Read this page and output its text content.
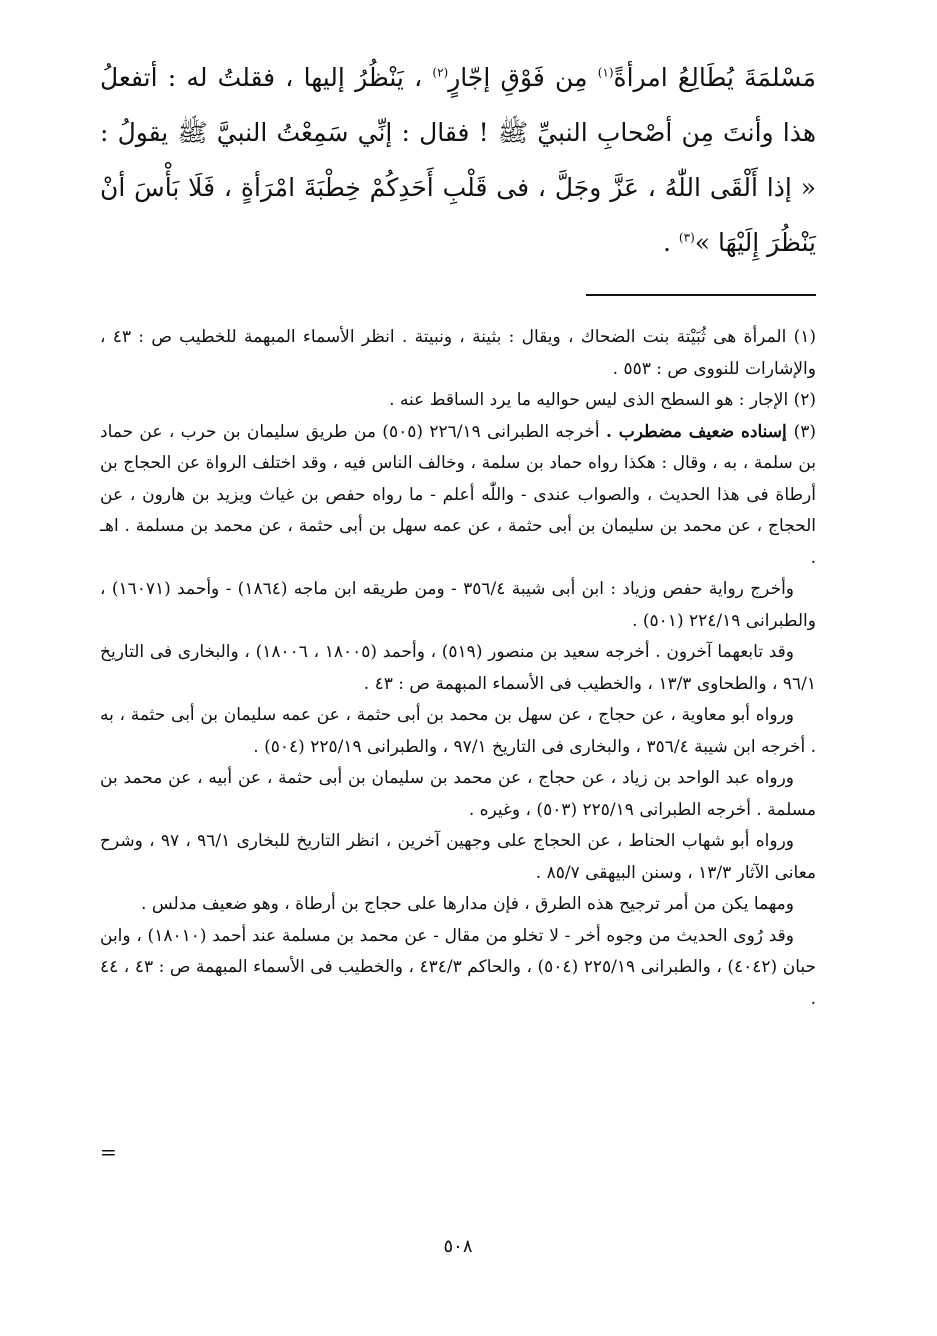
مَسْلمَةَ يُطَالِعُ امرأةً$^{(١)}$ مِن فَوْقِ إجّارٍ$^{(٢)}$ ، يَنْظُرُ إليها ، فقلتُ له : أتفعلُ هذا وأنتَ مِن أصْحابِ النبيِّ ﷺ ! فقال : إنِّي سَمِعْتُ النبيَّ ﷺ يقولُ : « إذا أَلْقَى اللّٰهُ ، عَزَّ وجَلَّ ، فى قَلْبِ أَحَدِكُمْ خِطْبَةَ امْرَأةٍ ، فَلَا بَأْسَ أنْ يَنْظُرَ إِلَيْهَا »$^{(٣)}$ .

(١) المرأة هى ثُبَيْتة بنت الضحاك ، ويقال : بثينة ، ونبيتة . انظر الأسماء المبهمة للخطيب ص : ٤٣ ، والإشارات للنووى ص : ٥٥٣ .

(٢) الإجار : هو السطح الذى ليس حواليه ما يرد الساقط عنه .

(٣) إسناده ضعيف مضطرب . أخرجه الطبرانى ٢٢٦/١٩ (٥٠٥) من طريق سليمان بن حرب ، عن حماد بن سلمة ، به ، وقال : هكذا رواه حماد بن سلمة ، وخالف الناس فيه ، وقد اختلف الرواة عن الحجاج بن أرطاة فى هذا الحديث ، والصواب عندى - واللّٰه أعلم - ما رواه حفص بن غياث ويزيد بن هارون ، عن الحجاج ، عن محمد بن سليمان بن أبى حثمة ، عن عمه سهل بن أبى حثمة ، عن محمد بن مسلمة . اهـ .

وأخرج رواية حفص وزياد : ابن أبى شيبة ٣٥٦/٤ - ومن طريقه ابن ماجه (١٨٦٤) - وأحمد (١٦٠٧١) ، والطبرانى ٢٢٤/١٩ (٥٠١) .

وقد تابعهما آخرون . أخرجه سعيد بن منصور (٥١٩) ، وأحمد (١٨٠٠٥ ، ١٨٠٠٦) ، والبخارى فى التاريخ ٩٦/١ ، والطحاوى ١٣/٣ ، والخطيب فى الأسماء المبهمة ص : ٤٣ .

ورواه أبو معاوية ، عن حجاج ، عن سهل بن محمد بن أبى حثمة ، عن عمه سليمان بن أبى حثمة ، به . أخرجه ابن شيبة ٣٥٦/٤ ، والبخارى فى التاريخ ٩٧/١ ، والطبرانى ٢٢٥/١٩ (٥٠٤) .

ورواه عبد الواحد بن زياد ، عن حجاج ، عن محمد بن سليمان بن أبى حثمة ، عن أبيه ، عن محمد بن مسلمة . أخرجه الطبرانى ٢٢٥/١٩ (٥٠٣) ، وغيره .

ورواه أبو شهاب الحناط ، عن الحجاج على وجهين آخرين ، انظر التاريخ للبخارى ٩٦/١ ، ٩٧ ، وشرح معانى الآثار ١٣/٣ ، وسنن البيهقى ٨٥/٧ .

ومهما يكن من أمر ترجيح هذه الطرق ، فإن مدارها على حجاج بن أرطاة ، وهو ضعيف مدلس .

وقد رُوى الحديث من وجوه أخر - لا تخلو من مقال - عن محمد بن مسلمة عند أحمد (١٨٠١٠) ، وابن حبان (٤٠٤٢) ، والطبرانى ٢٢٥/١٩ (٥٠٤) ، والحاكم ٤٣٤/٣ ، والخطيب فى الأسماء المبهمة ص : ٤٣ ، ٤٤ .

=
٥٠٨
